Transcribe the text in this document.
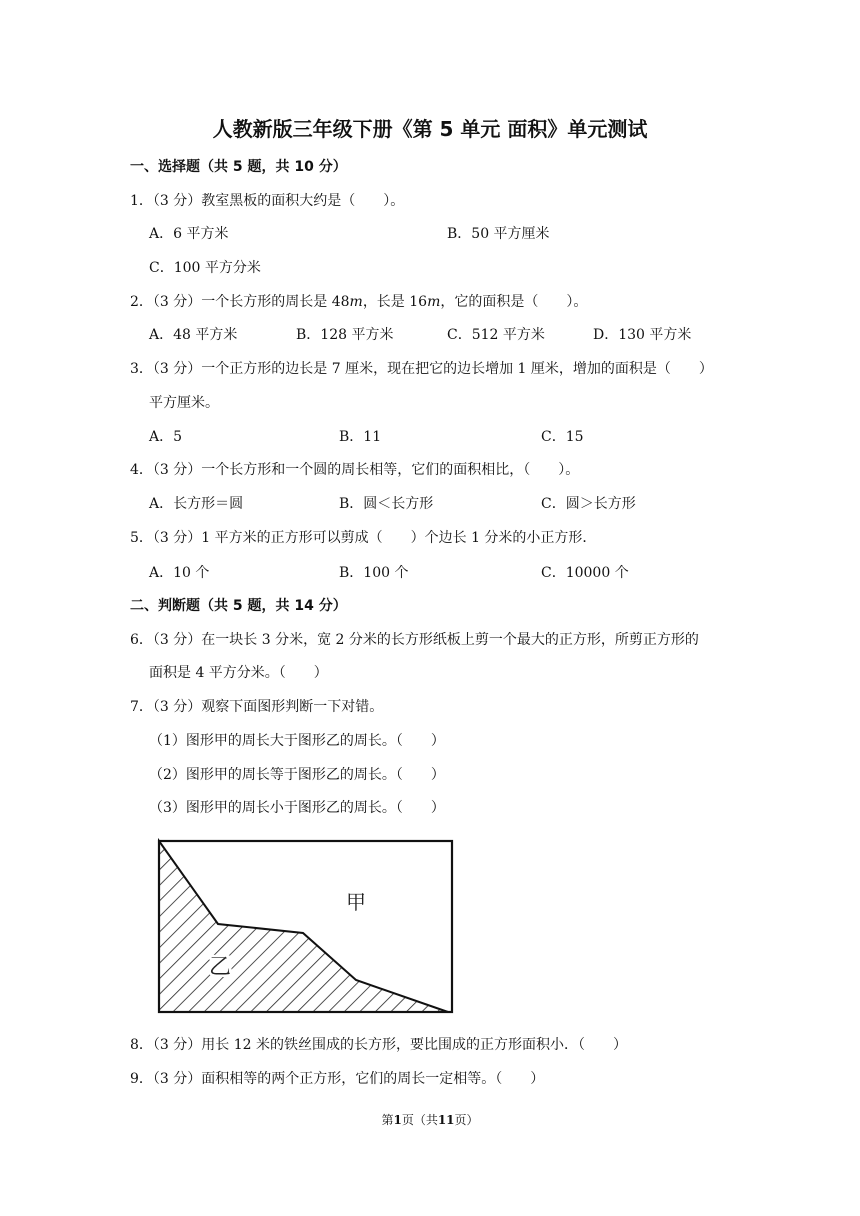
人教新版三年级下册《第 5 单元 面积》单元测试
一、选择题（共 5 题，共 10 分）
1．（3 分）教室黑板的面积大约是（　　）。
A．6 平方米	B．50 平方厘米
C．100 平方分米
2．（3 分）一个长方形的周长是 48m，长是 16m，它的面积是（　　）。
A．48 平方米	B．128 平方米	C．512 平方米	D．130 平方米
3．（3 分）一个正方形的边长是 7 厘米，现在把它的边长增加 1 厘米，增加的面积是（　　）
平方厘米。
A．5	B．11	C．15
4．（3 分）一个长方形和一个圆的周长相等，它们的面积相比，（　　）。
A．长方形＝圆	B．圆＜长方形	C．圆＞长方形
5．（3 分）1 平方米的正方形可以剪成（　　）个边长 1 分米的小正方形．
A．10 个	B．100 个	C．10000 个
二、判断题（共 5 题，共 14 分）
6．（3 分）在一块长 3 分米，宽 2 分米的长方形纸板上剪一个最大的正方形，所剪正方形的
面积是 4 平方分米。（　　）
7．（3 分）观察下面图形判断一下对错。
（1）图形甲的周长大于图形乙的周长。（　　）
（2）图形甲的周长等于图形乙的周长。（　　）
（3）图形甲的周长小于图形乙的周长。（　　）
甲
乙
8．（3 分）用长 12 米的铁丝围成的长方形，要比围成的正方形面积小．（　　）
9．（3 分）面积相等的两个正方形，它们的周长一定相等。（　　）
第1页（共11页）
